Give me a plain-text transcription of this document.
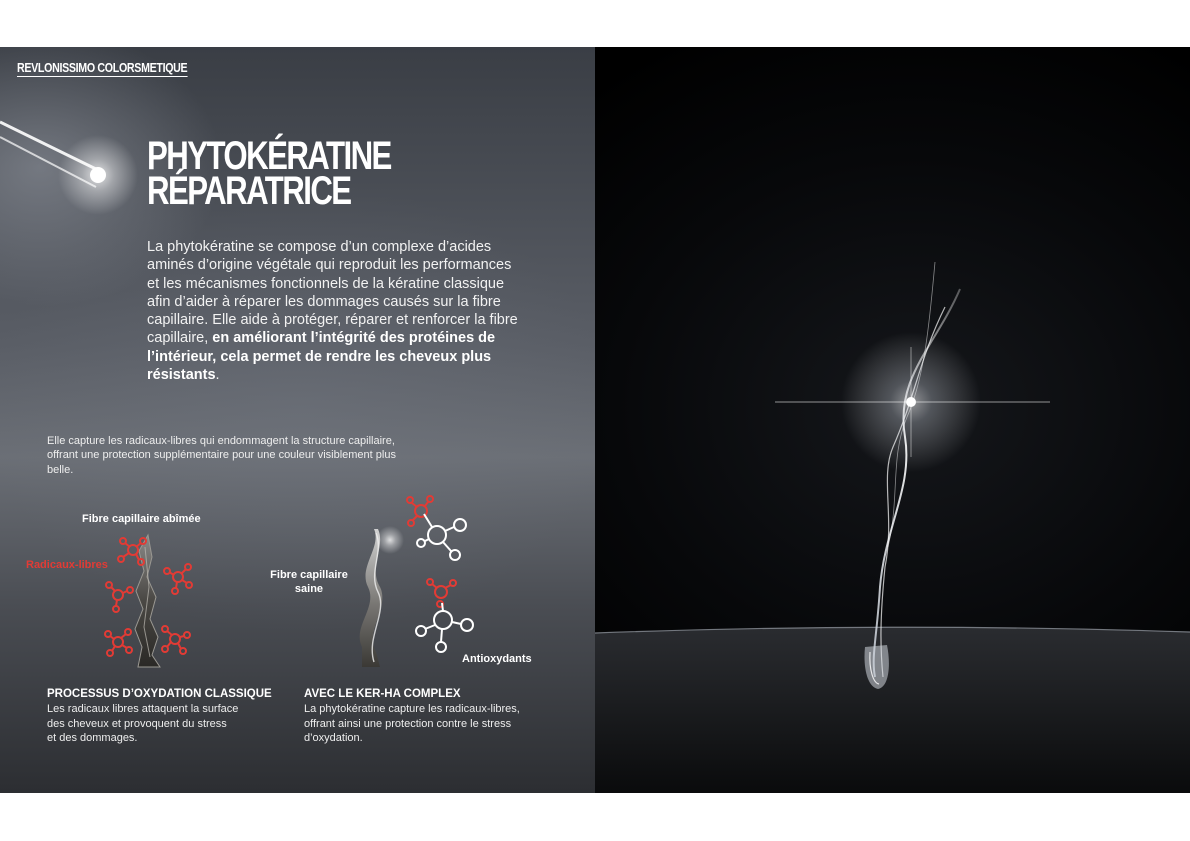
REVLONISSIMO COLORSMETIQUE
PHYTOKÉRATINE
RÉPARATRICE
La phytokératine se compose d’un complexe d’acides aminés d’origine végétale qui reproduit les performances et les mécanismes fonctionnels de la kératine classique afin d’aider à réparer les dommages causés sur la fibre capillaire. Elle aide à protéger, réparer et renforcer la fibre capillaire, en améliorant l’intégrité des protéines de l’intérieur, cela permet de rendre les cheveux plus résistants.
Elle capture les radicaux-libres qui endommagent la structure capillaire, offrant une protection supplémentaire pour une couleur visiblement plus belle.
Fibre capillaire abîmée
Radicaux-libres
Fibre capillaire
saine
Antioxydants
PROCESSUS D’OXYDATION CLASSIQUE
Les radicaux libres attaquent la surface
des cheveux et provoquent du stress
et des dommages.
AVEC LE KER-HA COMPLEX
La phytokératine capture les radicaux-libres,
offrant ainsi une protection contre le stress
d’oxydation.
